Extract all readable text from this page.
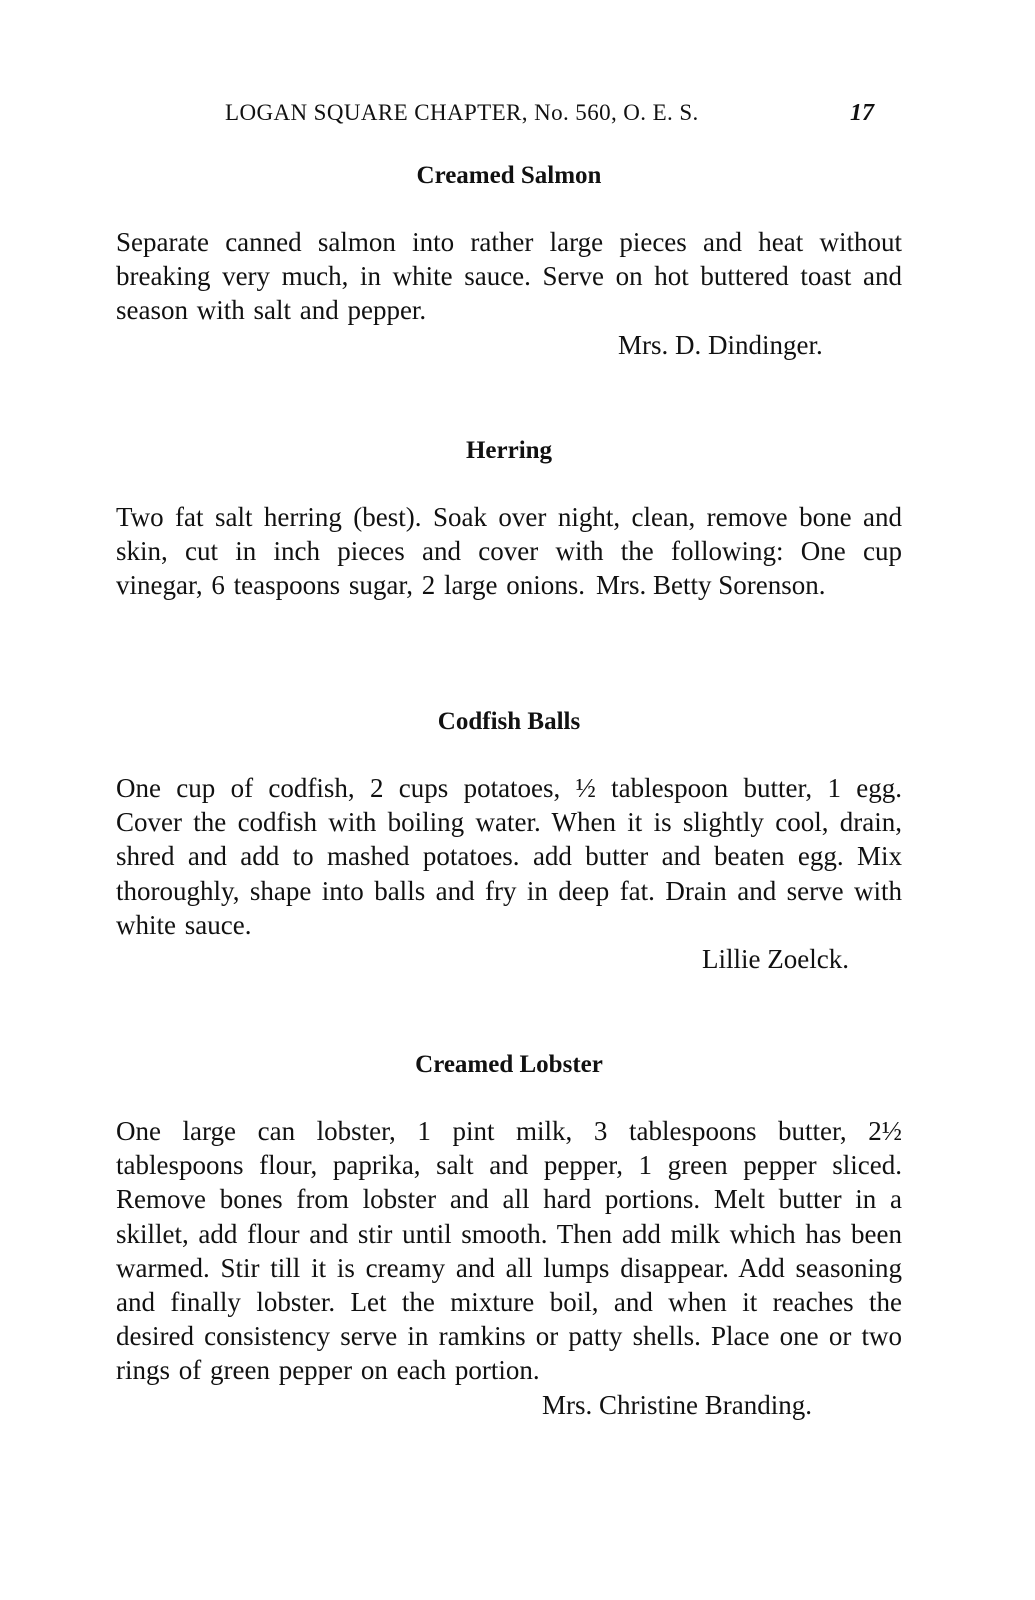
LOGAN SQUARE CHAPTER, No. 560, O. E. S.	17
Creamed Salmon

Separate canned salmon into rather large pieces and heat without breaking very much, in white sauce. Serve on hot buttered toast and season with salt and pepper.

Mrs. D. Dindinger.

Herring

Two fat salt herring (best). Soak over night, clean, remove bone and skin, cut in inch pieces and cover with the following: One cup vinegar, 6 teaspoons sugar, 2 large onions. Mrs. Betty Sorenson.
Codfish Balls

One cup of codfish, 2 cups potatoes, ½ tablespoon butter, 1 egg. Cover the codfish with boiling water. When it is slightly cool, drain, shred and add to mashed potatoes. add butter and beaten egg. Mix thoroughly, shape into balls and fry in deep fat. Drain and serve with white sauce.

Lillie Zoelck.

Creamed Lobster

One large can lobster, 1 pint milk, 3 tablespoons butter, 2½ tablespoons flour, paprika, salt and pepper, 1 green pepper sliced. Remove bones from lobster and all hard portions. Melt butter in a skillet, add flour and stir until smooth. Then add milk which has been warmed. Stir till it is creamy and all lumps disappear. Add seasoning and finally lobster. Let the mixture boil, and when it reaches the desired consistency serve in ramkins or patty shells. Place one or two rings of green pepper on each portion.

Mrs. Christine Branding.
